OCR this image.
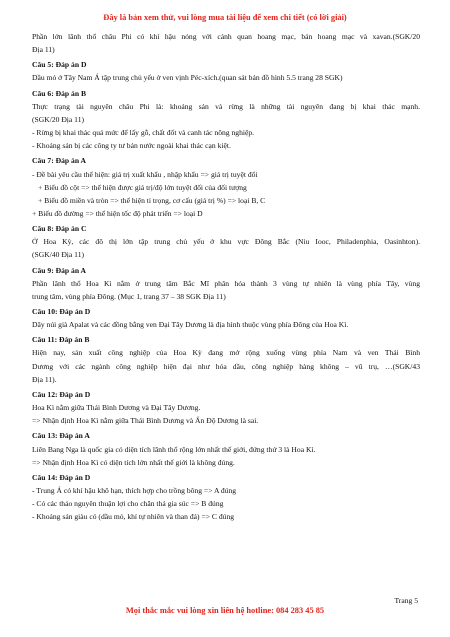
Đây là bản xem thử, vui lòng mua tài liệu để xem chi tiết (có lời giải)

Phần lớn lãnh thổ châu Phi có khí hậu nóng với cảnh quan hoang mạc, bán hoang mạc và xavan.(SGK/20

Địa 11)

Câu 5: Đáp án D

Dầu mỏ ở Tây Nam Á tập trung chủ yếu ở ven vịnh Péc-xích.(quan sát bản đồ hình 5.5 trang 28 SGK)

Câu 6: Đáp án B

Thực trạng tài nguyên châu Phi là: khoáng sản và rừng là những tài nguyên đang bị khai thác mạnh.

(SGK/20 Địa 11)

- Rừng bị khai thác quá mức để lấy gỗ, chất đốt và canh tác nông nghiệp.

- Khoáng sản bị các công ty tư bản nước ngoài khai thác cạn kiệt.

Câu 7: Đáp án A

- Đề bài yêu cầu thể hiện: giá trị xuất khẩu , nhập khẩu => giá trị tuyệt đối

+ Biểu đồ cột => thể hiện được giá trị/độ lớn tuyệt đối của đối tượng

+ Biểu đồ miền và tròn => thể hiện tỉ trọng, cơ cấu (giá trị %) => loại B, C

+ Biểu đồ đường => thể hiện tốc độ phát triển => loại D

Câu 8: Đáp án C

Ở Hoa Kỳ, các đô thị lớn tập trung chủ yếu ở khu vực Đông Bắc (Niu Iooc, Philadenphia, Oasinhton).

(SGK/40 Địa 11)

Câu 9: Đáp án A

Phần lãnh thổ Hoa Kì nằm ở trung tâm Bắc Mĩ phân hóa thành 3 vùng tự nhiên là vùng phía Tây, vùng

trung tâm, vùng phía Đông. (Mục 1, trang 37 – 38 SGK Địa 11)

Câu 10: Đáp án D

Dãy núi già Apalat và các đồng bằng ven Đại Tây Dương là địa hình thuộc vùng phía Đông của Hoa Kì.

Câu 11: Đáp án B

Hiện nay, sản xuất công nghiệp của Hoa Kỳ đang mở rộng xuống vùng phía Nam và ven Thái Bình

Dương với các ngành công nghiệp hiện đại như hóa dầu, công nghiệp hàng không – vũ trụ, …(SGK/43

Địa 11).

Câu 12: Đáp án D

Hoa Kì nằm giữa Thái Bình Dương và Đại Tây Dương.

=> Nhận định Hoa Kì nằm giữa Thái Bình Dương và Ấn Độ Dương là sai.

Câu 13: Đáp án A

Liên Bang Nga là quốc gia có diện tích lãnh thổ rộng lớn nhất thế giới, đứng thứ 3 là Hoa Kì.

=> Nhận định Hoa Kì có diện tích lớn nhất thế giới là không đúng.

Câu 14: Đáp án D

- Trung Á có khí hậu khô hạn, thích hợp cho trồng bông => A đúng

- Có các thảo nguyên thuận lợi cho chăn thả gia súc => B đúng

- Khoáng sản giàu có (dầu mỏ, khí tự nhiên và than đá) => C đúng

Trang 5
Mọi thắc mắc vui lòng xin liên hệ hotline: 084 283 45 85
